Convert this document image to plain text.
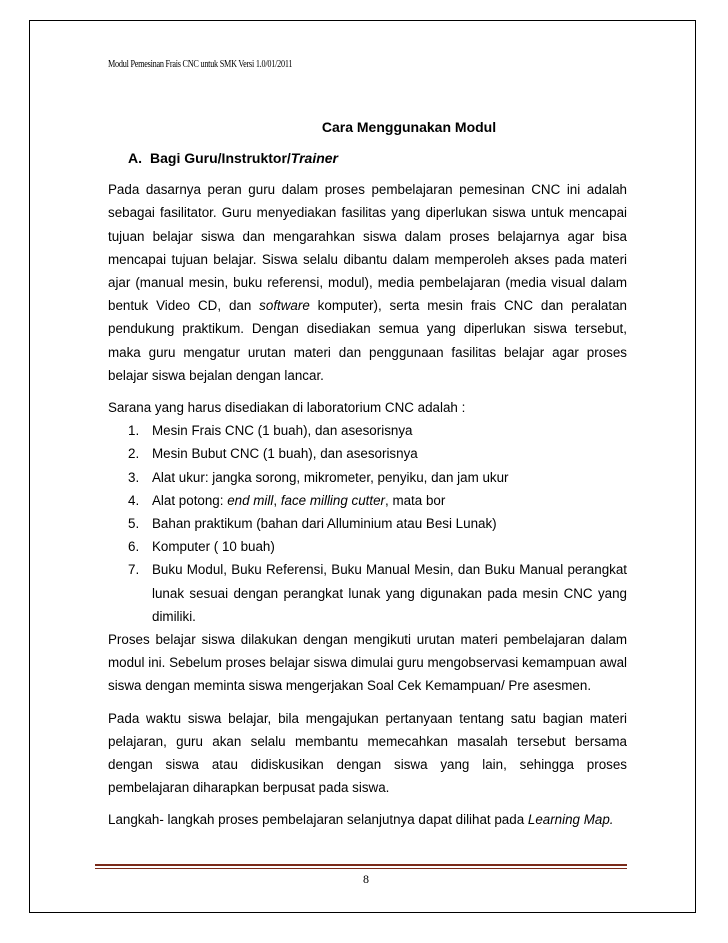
Modul Pemesinan Frais CNC untuk SMK Versi 1.0/01/2011
Cara Menggunakan Modul
A. Bagi Guru/Instruktor/Trainer

Pada dasarnya peran guru dalam proses pembelajaran pemesinan CNC ini adalah sebagai fasilitator. Guru menyediakan fasilitas yang diperlukan siswa untuk mencapai tujuan belajar siswa dan mengarahkan siswa dalam proses belajarnya agar bisa mencapai tujuan belajar. Siswa selalu dibantu dalam memperoleh akses pada materi ajar (manual mesin, buku referensi, modul), media pembelajaran (media visual dalam bentuk Video CD, dan software komputer), serta mesin frais CNC dan peralatan pendukung praktikum. Dengan disediakan semua yang diperlukan siswa tersebut, maka guru mengatur urutan materi dan penggunaan fasilitas belajar agar proses belajar siswa bejalan dengan lancar.

Sarana yang harus disediakan di laboratorium CNC adalah :

1. Mesin Frais CNC (1 buah), dan asesorisnya
2. Mesin Bubut CNC (1 buah), dan asesorisnya
3. Alat ukur: jangka sorong, mikrometer, penyiku, dan jam ukur
4. Alat potong: end mill, face milling cutter, mata bor
5. Bahan praktikum (bahan dari Alluminium atau Besi Lunak)
6. Komputer ( 10 buah)
7. Buku Modul, Buku Referensi, Buku Manual Mesin, dan Buku Manual perangkat lunak sesuai dengan perangkat lunak yang digunakan pada mesin CNC yang dimiliki.

Proses belajar siswa dilakukan dengan mengikuti urutan materi pembelajaran dalam modul ini. Sebelum proses belajar siswa dimulai guru mengobservasi kemampuan awal siswa dengan meminta siswa mengerjakan Soal Cek Kemampuan/ Pre asesmen.

Pada waktu siswa belajar, bila mengajukan pertanyaan tentang satu bagian materi pelajaran, guru akan selalu membantu memecahkan masalah tersebut bersama dengan siswa atau didiskusikan dengan siswa yang lain, sehingga proses pembelajaran diharapkan berpusat pada siswa.

Langkah- langkah proses pembelajaran selanjutnya dapat dilihat pada Learning Map.

8
